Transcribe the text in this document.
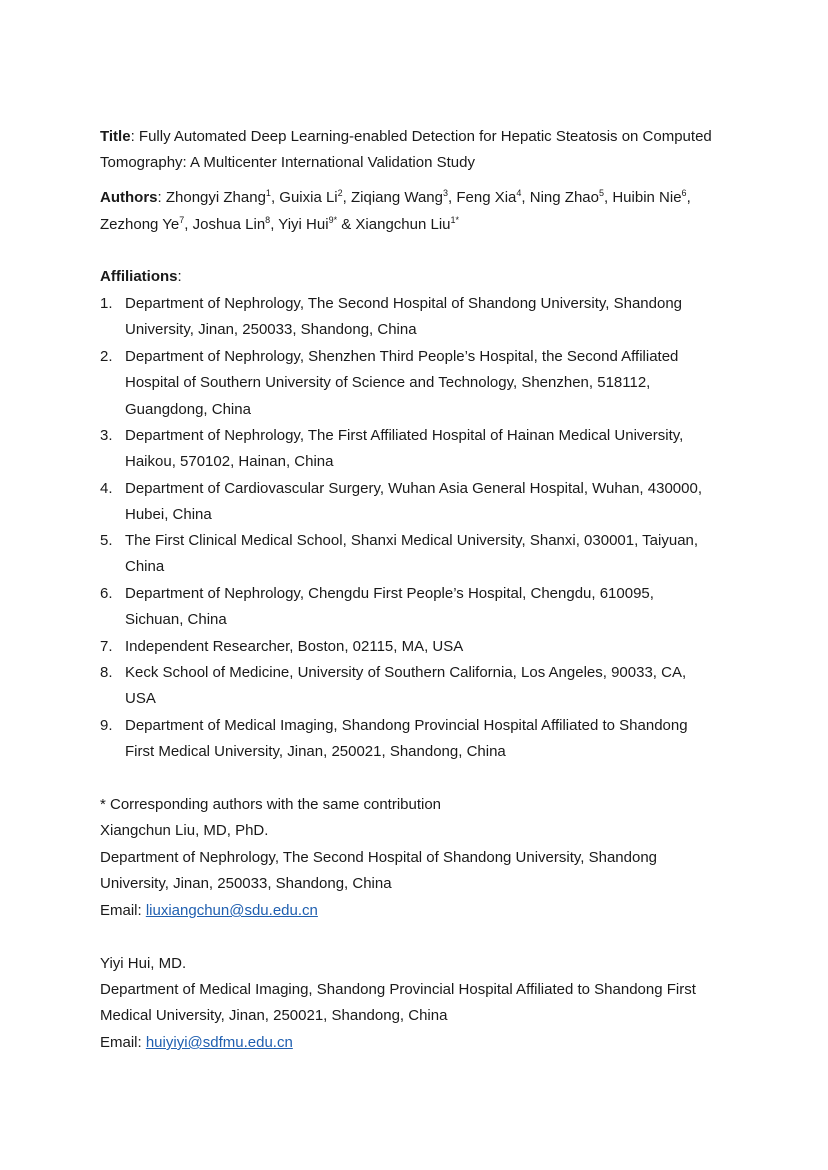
Title: Fully Automated Deep Learning-enabled Detection for Hepatic Steatosis on Computed
Tomography: A Multicenter International Validation Study
Authors: Zhongyi Zhang$^1$, Guixia Li$^2$, Ziqiang Wang$^3$, Feng Xia$^4$, Ning Zhao$^5$, Huibin Nie$^6$,
Zezhong Ye$^7$, Joshua Lin$^8$, Yiyi Hui$^{9*}$ & Xiangchun Liu$^{1*}$
Affiliations:
1. Department of Nephrology, The Second Hospital of Shandong University, Shandong
University, Jinan, 250033, Shandong, China
2. Department of Nephrology, Shenzhen Third People’s Hospital, the Second Affiliated
Hospital of Southern University of Science and Technology, Shenzhen, 518112,
Guangdong, China
3. Department of Nephrology, The First Affiliated Hospital of Hainan Medical University,
Haikou, 570102, Hainan, China
4. Department of Cardiovascular Surgery, Wuhan Asia General Hospital, Wuhan, 430000,
Hubei, China
5. The First Clinical Medical School, Shanxi Medical University, Shanxi, 030001, Taiyuan,
China
6. Department of Nephrology, Chengdu First People’s Hospital, Chengdu, 610095,
Sichuan, China
7. Independent Researcher, Boston, 02115, MA, USA
8. Keck School of Medicine, University of Southern California, Los Angeles, 90033, CA,
USA
9. Department of Medical Imaging, Shandong Provincial Hospital Affiliated to Shandong
First Medical University, Jinan, 250021, Shandong, China
* Corresponding authors with the same contribution
Xiangchun Liu, MD, PhD.
Department of Nephrology, The Second Hospital of Shandong University, Shandong
University, Jinan, 250033, Shandong, China
Email: liuxiangchun@sdu.edu.cn
Yiyi Hui, MD.
Department of Medical Imaging, Shandong Provincial Hospital Affiliated to Shandong First
Medical University, Jinan, 250021, Shandong, China
Email: huiyiyi@sdfmu.edu.cn
